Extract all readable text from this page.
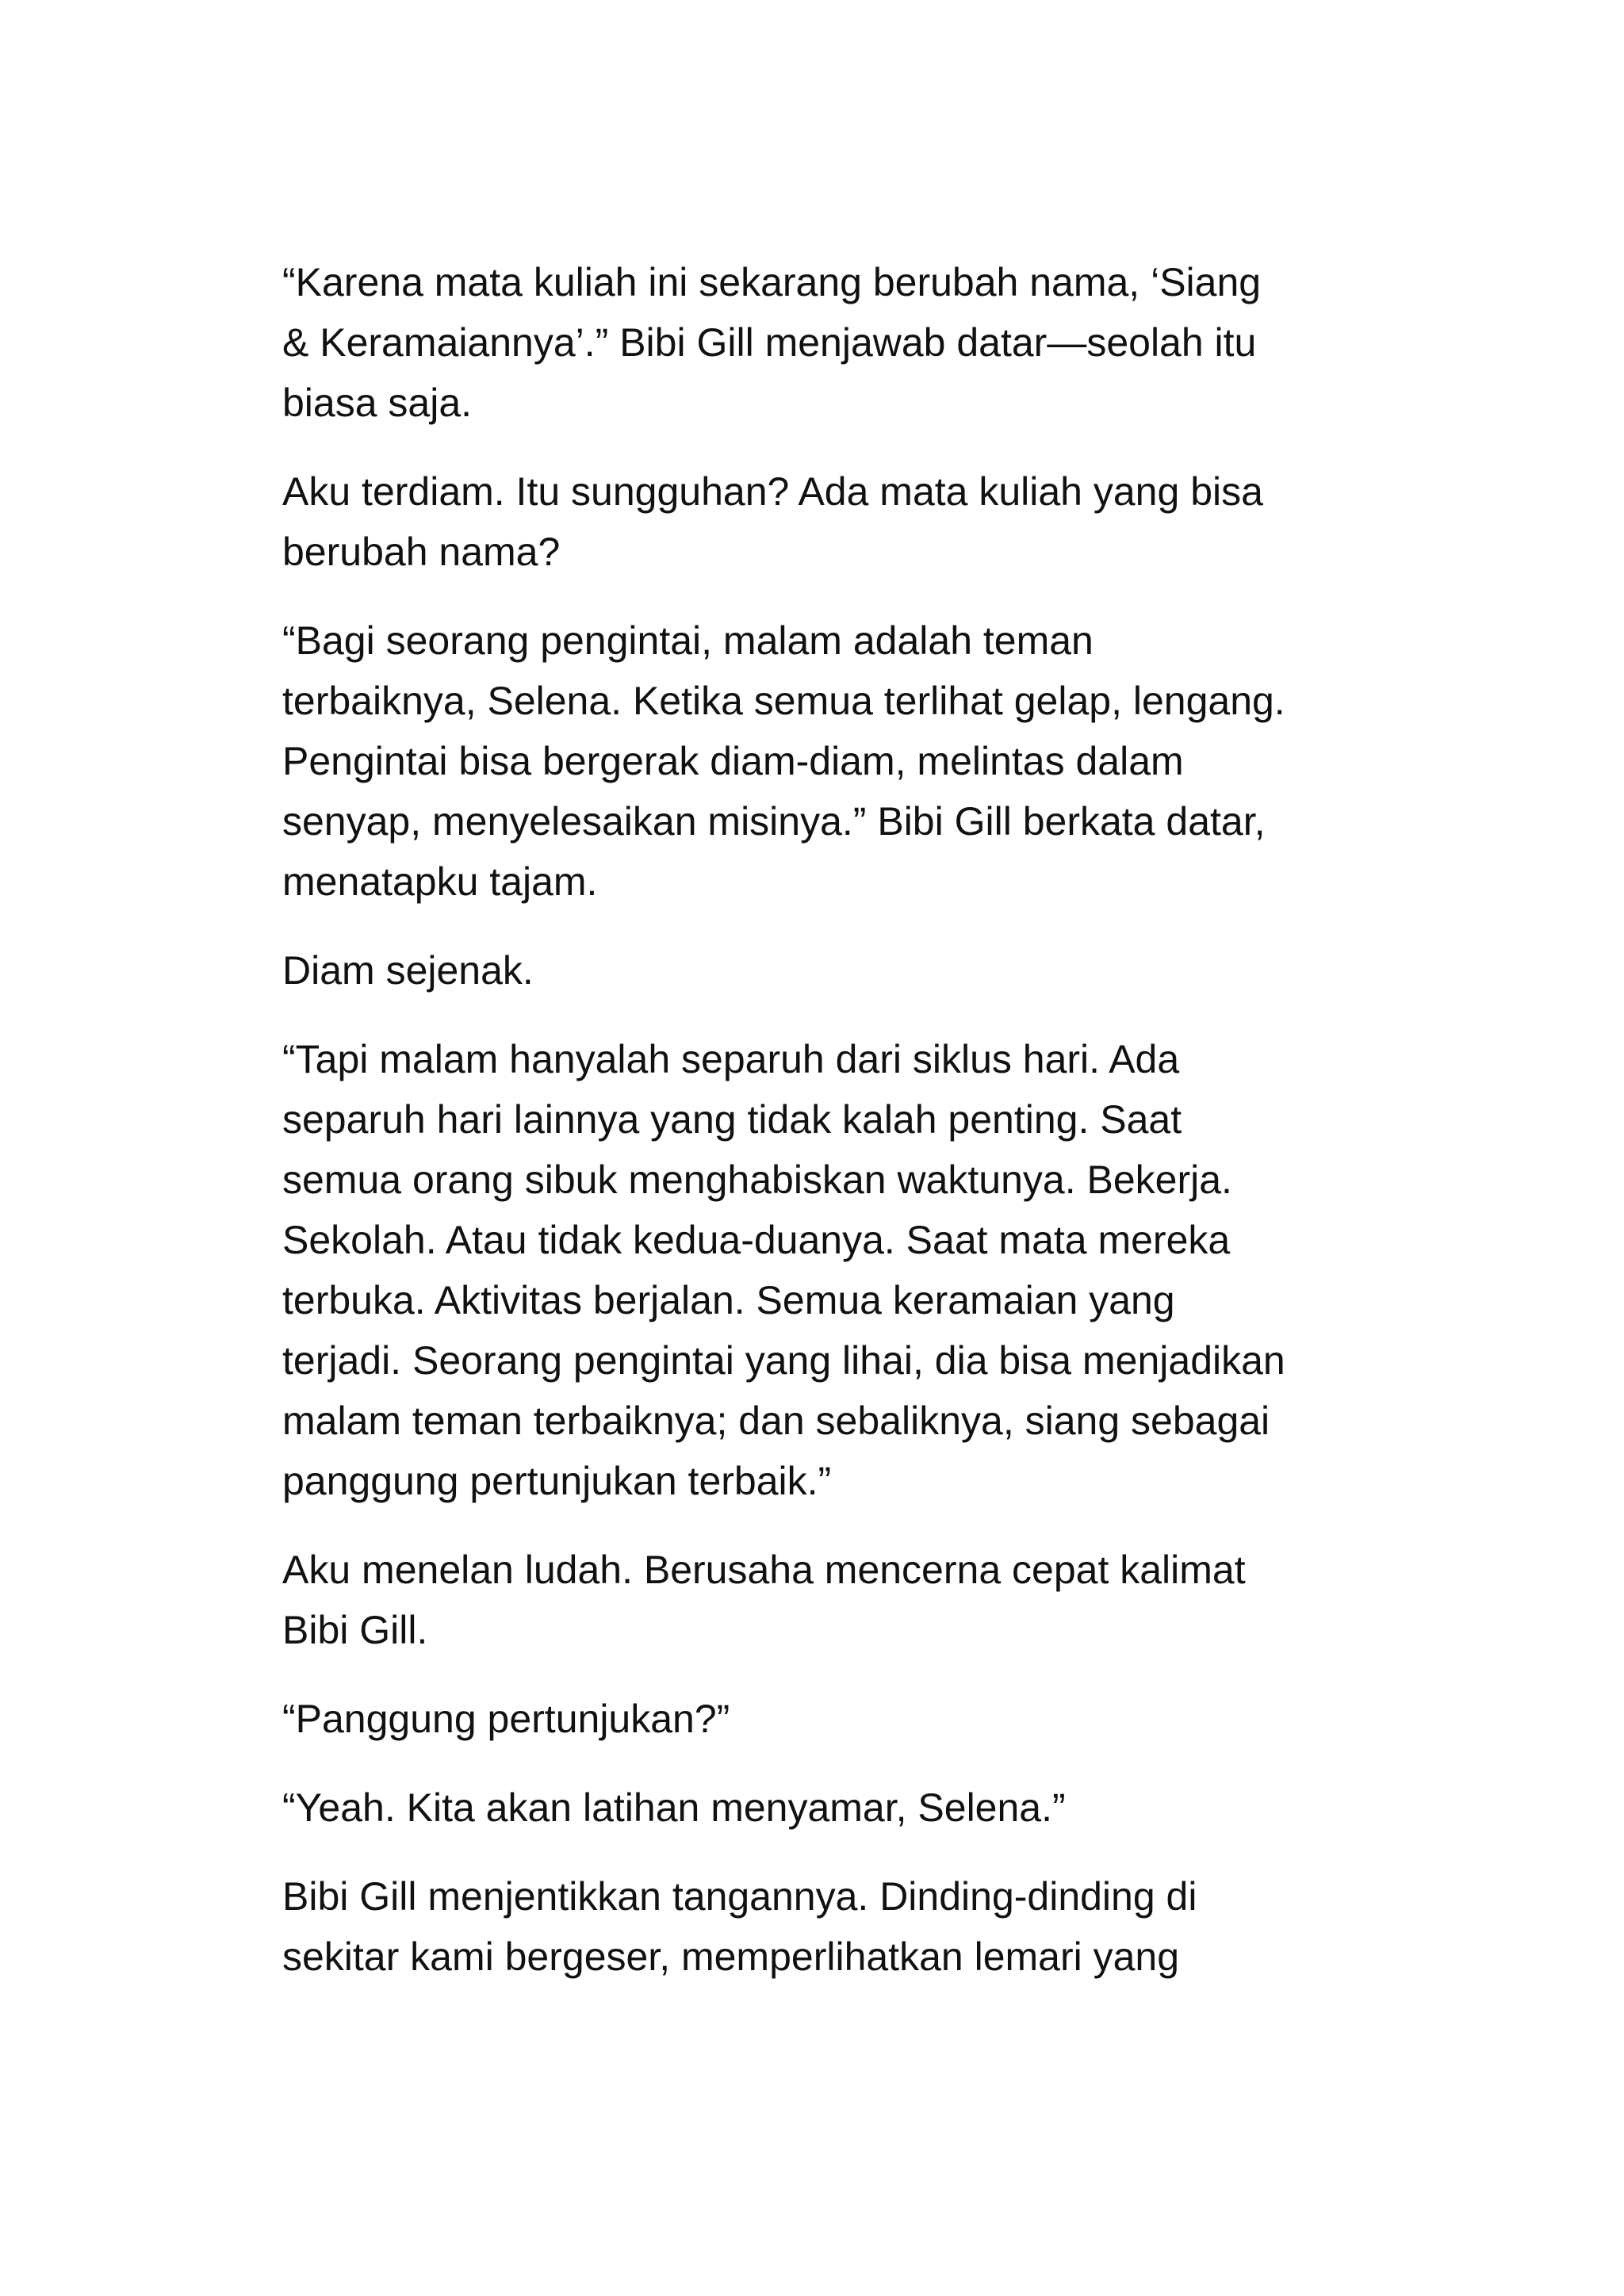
“Karena mata kuliah ini sekarang berubah nama, ‘Siang
& Keramaiannya’.” Bibi Gill menjawab datar—seolah itu
biasa saja.

Aku terdiam. Itu sungguhan? Ada mata kuliah yang bisa
berubah nama?

“Bagi seorang pengintai, malam adalah teman
terbaiknya, Selena. Ketika semua terlihat gelap, lengang.
Pengintai bisa bergerak diam-diam, melintas dalam
senyap, menyelesaikan misinya.” Bibi Gill berkata datar,
menatapku tajam.

Diam sejenak.

“Tapi malam hanyalah separuh dari siklus hari. Ada
separuh hari lainnya yang tidak kalah penting. Saat
semua orang sibuk menghabiskan waktunya. Bekerja.
Sekolah. Atau tidak kedua-duanya. Saat mata mereka
terbuka. Aktivitas berjalan. Semua keramaian yang
terjadi. Seorang pengintai yang lihai, dia bisa menjadikan
malam teman terbaiknya; dan sebaliknya, siang sebagai
panggung pertunjukan terbaik.”

Aku menelan ludah. Berusaha mencerna cepat kalimat
Bibi Gill.

“Panggung pertunjukan?”

“Yeah. Kita akan latihan menyamar, Selena.”

Bibi Gill menjentikkan tangannya. Dinding-dinding di
sekitar kami bergeser, memperlihatkan lemari yang
